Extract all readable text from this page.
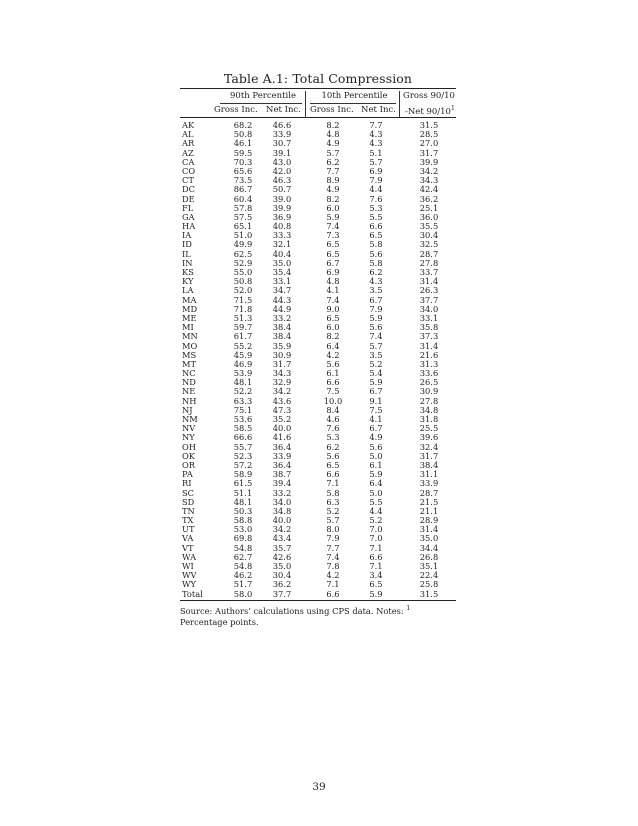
Table A.1: Total Compression
90th Percentile	10th Percentile	Gross 90/10
Gross Inc. Net Inc. Gross Inc. Net Inc. -Net $90/10^1$
AK	68.2	46.6	8.2	7.7	31.5
AL	50.8	33.9	4.8	4.3	28.5
AR	46.1	30.7	4.9	4.3	27.0
AZ	59.5	39.1	5.7	5.1	31.7
CA	70.3	43.0	6.2	5.7	39.9
CO	65.6	42.0	7.7	6.9	34.2
CT	73.5	46.3	8.9	7.9	34.3
DC	86.7	50.7	4.9	4.4	42.4
DE	60.4	39.0	8.2	7.6	36.2
FL	57.8	39.9	6.0	5.3	25.1
GA	57.5	36.9	5.9	5.5	36.0
HA	65.1	40.8	7.4	6.6	35.5
IA	51.0	33.3	7.3	6.5	30.4
ID	49.9	32.1	6.5	5.8	32.5
IL	62.5	40.4	6.5	5.6	28.7
IN	52.9	35.0	6.7	5.8	27.8
KS	55.0	35.4	6.9	6.2	33.7
KY	50.8	33.1	4.8	4.3	31.4
LA	52.0	34.7	4.1	3.5	26.3
MA	71.5	44.3	7.4	6.7	37.7
MD	71.8	44.9	9.0	7.9	34.0
ME	51.3	33.2	6.5	5.9	33.1
MI	59.7	38.4	6.0	5.6	35.8
MN	61.7	38.4	8.2	7.4	37.3
MO	55.2	35.9	6.4	5.7	31.4
MS	45.9	30.9	4.2	3.5	21.6
MT	46.9	31.7	5.6	5.2	31.3
NC	53.9	34.3	6.1	5.4	33.6
ND	48.1	32.9	6.6	5.9	26.5
NE	52.2	34.2	7.5	6.7	30.9
NH	63.3	43.6	10.0	9.1	27.8
NJ	75.1	47.3	8.4	7.5	34.8
NM	53.6	35.2	4.6	4.1	31.8
NV	58.5	40.0	7.6	6.7	25.5
NY	66.6	41.6	5.3	4.9	39.6
OH	55.7	36.4	6.2	5.6	32.4
OK	52.3	33.9	5.6	5.0	31.7
OR	57.2	36.4	6.5	6.1	38.4
PA	58.9	38.7	6.6	5.9	31.1
RI	61.5	39.4	7.1	6.4	33.9
SC	51.1	33.2	5.8	5.0	28.7
SD	48.1	34.0	6.3	5.5	21.5
TN	50.3	34.8	5.2	4.4	21.1
TX	58.8	40.0	5.7	5.2	28.9
UT	53.0	34.2	8.0	7.0	31.4
VA	69.8	43.4	7.9	7.0	35.0
VT	54.8	35.7	7.7	7.1	34.4
WA	62.7	42.6	7.4	6.6	26.8
WI	54.8	35.0	7.8	7.1	35.1
WV	46.2	30.4	4.2	3.4	22.4
WY	51.7	36.2	7.1	6.5	25.8
Total	58.0	37.7	6.6	5.9	31.5
Source: Authors’ calculations using CPS data. Notes: $^1$ Percentage points.
39
